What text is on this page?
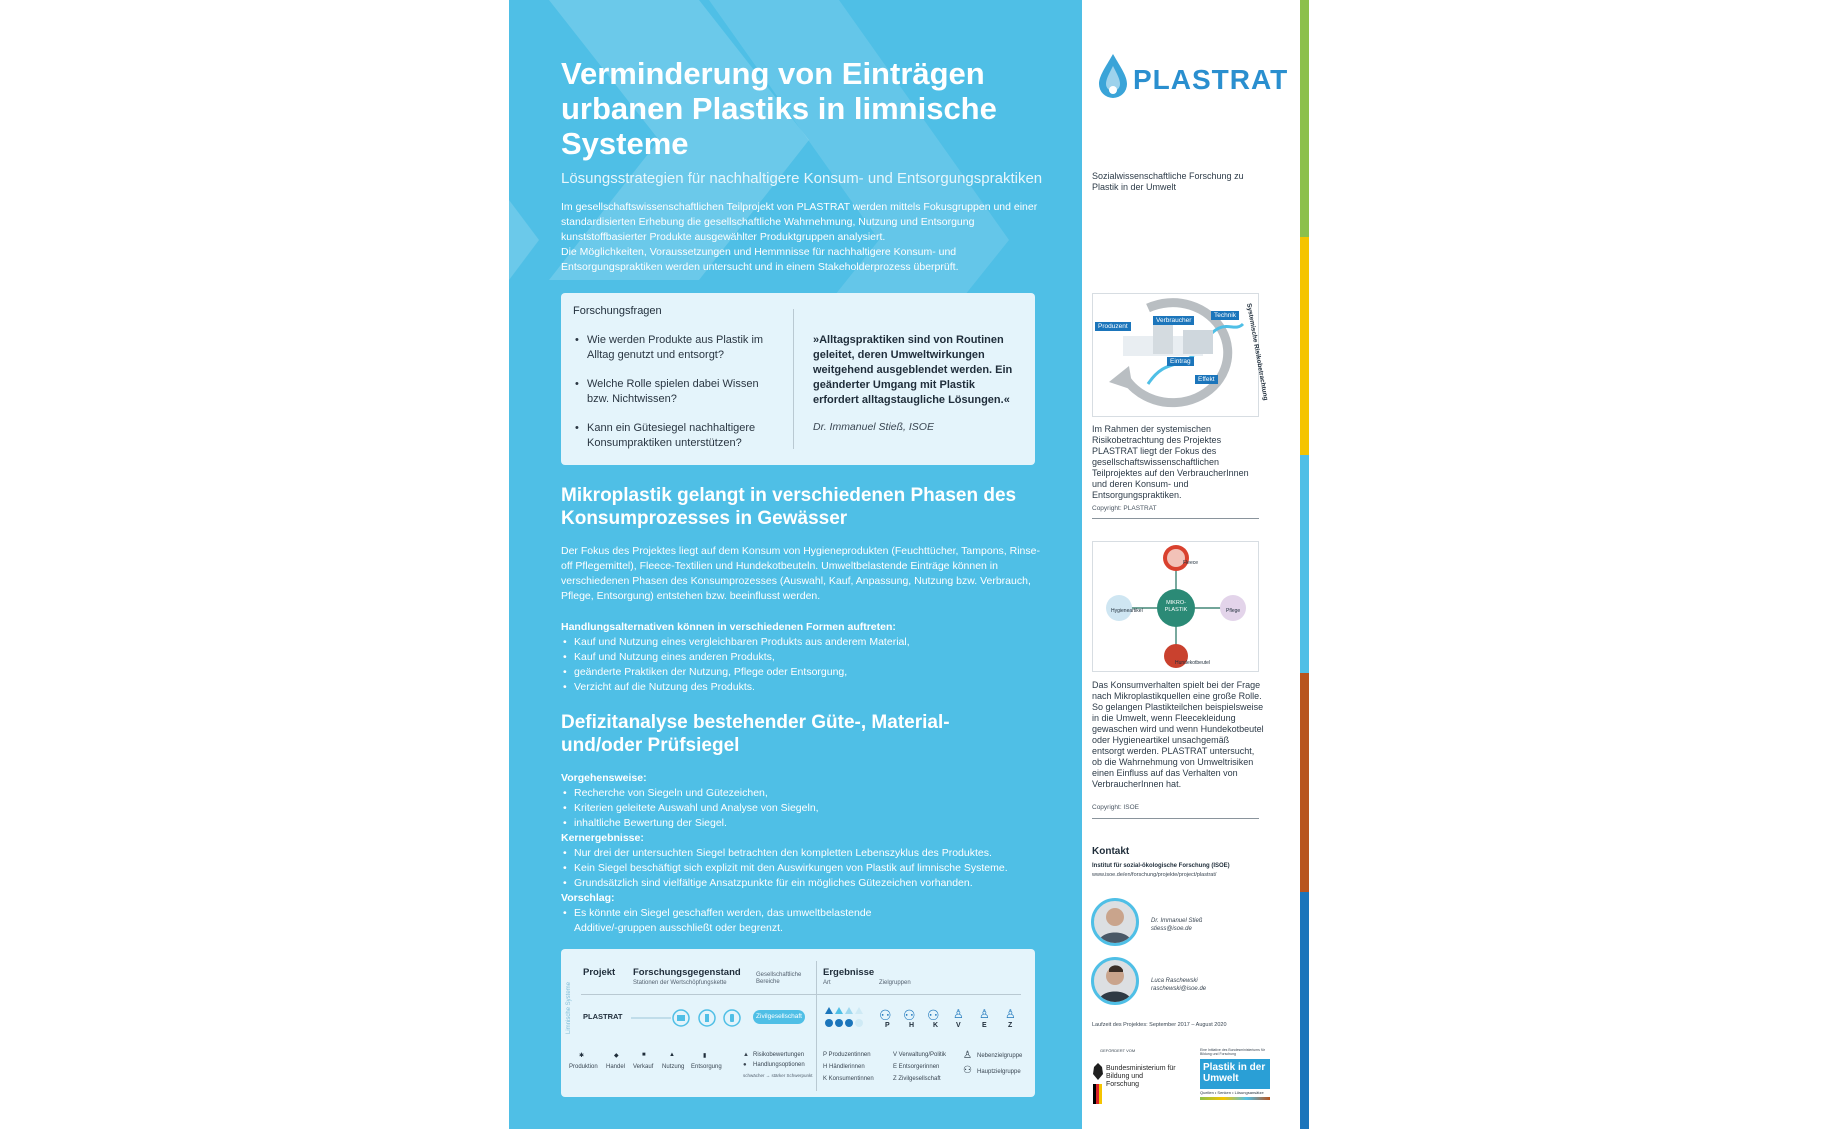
Verminderung von Einträgen urbanen Plastiks in limnische Systeme
Lösungsstrategien für nachhaltigere Konsum- und Entsorgungspraktiken

Im gesellschaftswissenschaftlichen Teilprojekt von PLASTRAT werden mittels Fokusgruppen und einer standardisierten Erhebung die gesellschaftliche Wahrnehmung, Nutzung und Entsorgung kunststoffbasierter Produkte ausgewählter Produktgruppen analysiert.

Die Möglichkeiten, Voraussetzungen und Hemmnisse für nachhaltigere Konsum- und Entsorgungspraktiken werden untersucht und in einem Stakeholderprozess überprüft.

Forschungsfragen
• Wie werden Produkte aus Plastik im Alltag genutzt und entsorgt?
• Welche Rolle spielen dabei Wissen bzw. Nichtwissen?
• Kann ein Gütesiegel nachhaltigere Konsumpraktiken unterstützen?
»Alltagspraktiken sind von Routinen geleitet, deren Umweltwirkungen weitgehend ausgeblendet werden. Ein geänderter Umgang mit Plastik erfordert alltagstaugliche Lösungen.«
Dr. Immanuel Stieß, ISOE
Mikroplastik gelangt in verschiedenen Phasen des Konsumprozesses in Gewässer
Der Fokus des Projektes liegt auf dem Konsum von Hygieneprodukten (Feuchttücher, Tampons, Rinse-off Pflegemittel), Fleece-Textilien und Hundekotbeuteln. Umweltbelastende Einträge können in verschiedenen Phasen des Konsumprozesses (Auswahl, Kauf, Anpassung, Nutzung bzw. Verbrauch, Pflege, Entsorgung) entstehen bzw. beeinflusst werden.
Handlungsalternativen können in verschiedenen Formen auftreten:
• Kauf und Nutzung eines vergleichbaren Produkts aus anderem Material,
• Kauf und Nutzung eines anderen Produkts,
• geänderte Praktiken der Nutzung, Pflege oder Entsorgung,
• Verzicht auf die Nutzung des Produkts.
Defizitanalyse bestehender Güte-, Material- und/oder Prüfsiegel
Vorgehensweise:
• Recherche von Siegeln und Gütezeichen,
• Kriterien geleitete Auswahl und Analyse von Siegeln,
• inhaltliche Bewertung der Siegel.
Kernergebnisse:
• Nur drei der untersuchten Siegel betrachten den kompletten Lebenszyklus des Produktes.
• Kein Siegel beschäftigt sich explizit mit den Auswirkungen von Plastik auf limnische Systeme.
• Grundsätzlich sind vielfältige Ansatzpunkte für ein mögliches Gütezeichen vorhanden.
Vorschlag:
• Es könnte ein Siegel geschaffen werden, das umweltbelastende Additive/-gruppen ausschließt oder begrenzt.
Limnische Systeme
Projekt Forschungsgegenstand
Stationen der Wertschöpfungskette
Gesellschaftliche Bereiche
Ergebnisse
Art	Zielgruppen
PLASTRAT	Zivilgesellschaft	⚇
P
⚇
H
⚇
K
♙
V
♙
E
♙
Z
Produktion Handel Verkauf Nutzung Entsorgung
✱	◆	■	▲	▮	▲ Risikobewertungen
● Handlungsoptionen
schwächer → stärker Schwerpunkt
P Produzentinnen
H Händlerinnen
K Konsumentinnen
V Verwaltung/Politik
E Entsorgerinnen
Z Zivilgesellschaft
♙ Nebenzielgruppe
⚇ Hauptzielgruppe
PLASTRAT
Sozialwissenschaftliche Forschung zu Plastik in der Umwelt
Produzent
Verbraucher
Technik
Eintrag
Effekt	Systemische Risikobetrachtung
Im Rahmen der systemischen Risikobetrachtung des Projektes PLASTRAT liegt der Fokus des gesellschaftswissenschaftlichen Teilprojektes auf den VerbraucherInnen und deren Konsum- und Entsorgungspraktiken.
Copyright: PLASTRAT
MIKRO-PLASTIK
Fleece
Hygieneartikel	Pflege
Hundekotbeutel
Das Konsumverhalten spielt bei der Frage nach Mikroplastikquellen eine große Rolle. So gelangen Plastikteilchen beispielsweise in die Umwelt, wenn Fleecekleidung gewaschen wird und wenn Hundekotbeutel oder Hygieneartikel unsachgemäß entsorgt werden. PLASTRAT untersucht, ob die Wahrnehmung von Umweltrisiken einen Einfluss auf das Verhalten von VerbraucherInnen hat.
Copyright: ISOE
Kontakt
Institut für sozial-ökologische Forschung (ISOE)
www.isoe.de/en/forschung/projekte/project/plastrat/
Dr. Immanuel Stieß
stiess@isoe.de
Luca Raschewski
raschewski@isoe.de
Laufzeit des Projektes: September 2017 – August 2020
GEFÖRDERT VOM
Bundesministerium für Bildung und Forschung
Eine Initiative des Bundesministeriums für Bildung und Forschung
Plastik in der Umwelt
Quellen • Senken • Lösungsansätze
